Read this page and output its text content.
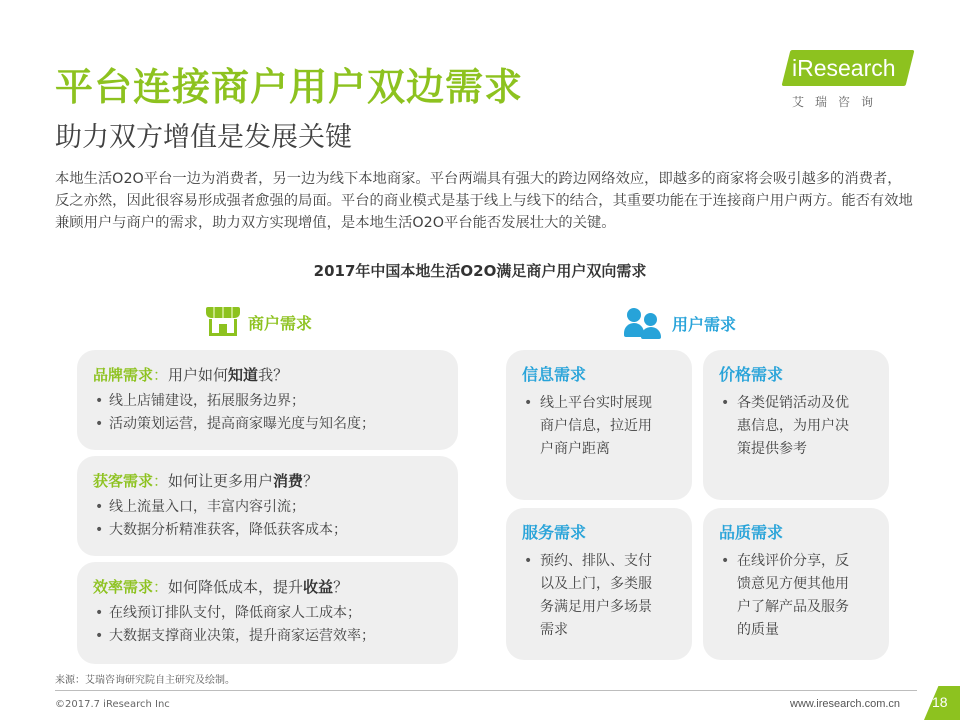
平台连接商户用户双边需求
助力双方增值是发展关键
iResearch
艾瑞咨询

本地生活O2O平台一边为消费者，另一边为线下本地商家。平台两端具有强大的跨边网络效应，即越多的商家将会吸引越多的消费者，反之亦然，因此很容易形成强者愈强的局面。平台的商业模式是基于线上与线下的结合，其重要功能在于连接商户用户两方。能否有效地兼顾用户与商户的需求，助力双方实现增值，是本地生活O2O平台能否发展壮大的关键。

2017年中国本地生活O2O满足商户用户双向需求
商户需求	用户需求
品牌需求：用户如何知道我？
• 线上店铺建设，拓展服务边界；
• 活动策划运营，提高商家曝光度与知名度；
获客需求：如何让更多用户消费？
• 线上流量入口，丰富内容引流；
• 大数据分析精准获客，降低获客成本；
效率需求：如何降低成本，提升收益？
• 在线预订排队支付，降低商家人工成本；
• 大数据支撑商业决策，提升商家运营效率；
信息需求
• 线上平台实时展现
商户信息，拉近用
户商户距离
价格需求
• 各类促销活动及优
惠信息，为用户决
策提供参考
服务需求
• 预约、排队、支付
以及上门，多类服
务满足用户多场景
需求
品质需求
• 在线评价分享，反
馈意见方便其他用
户了解产品及服务
的质量
来源：艾瑞咨询研究院自主研究及绘制。
©2017.7 iResearch Inc	www.iresearch.com.cn 18
